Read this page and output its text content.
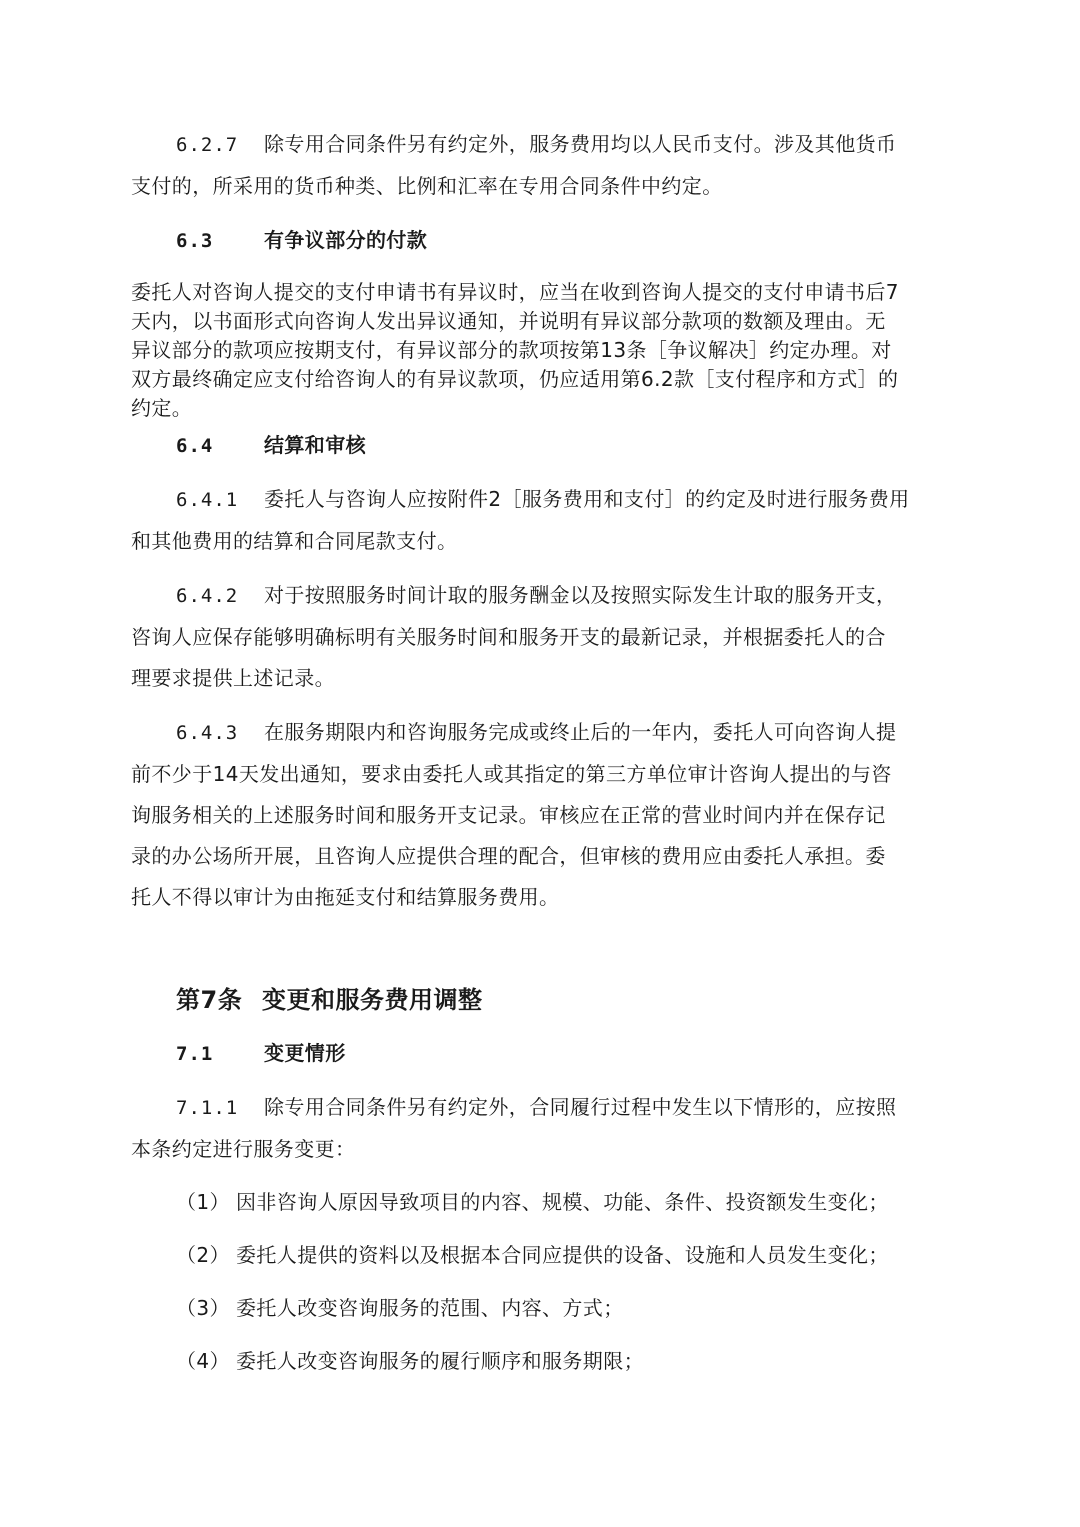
6.2.7 除专用合同条件另有约定外，服务费用均以人民币支付。涉及其他货币
支付的，所采用的货币种类、比例和汇率在专用合同条件中约定。
6.3	有争议部分的付款
委托人对咨询人提交的支付申请书有异议时，应当在收到咨询人提交的支付申请书后7
天内，以书面形式向咨询人发出异议通知，并说明有异议部分款项的数额及理由。无
异议部分的款项应按期支付，有异议部分的款项按第13条［争议解决］约定办理。对
双方最终确定应支付给咨询人的有异议款项，仍应适用第6.2款［支付程序和方式］的
约定。
6.4	结算和审核
6.4.1 委托人与咨询人应按附件2［服务费用和支付］的约定及时进行服务费用
和其他费用的结算和合同尾款支付。
6.4.2 对于按照服务时间计取的服务酬金以及按照实际发生计取的服务开支，
咨询人应保存能够明确标明有关服务时间和服务开支的最新记录，并根据委托人的合
理要求提供上述记录。
6.4.3 在服务期限内和咨询服务完成或终止后的一年内，委托人可向咨询人提
前不少于14天发出通知，要求由委托人或其指定的第三方单位审计咨询人提出的与咨
询服务相关的上述服务时间和服务开支记录。审核应在正常的营业时间内并在保存记
录的办公场所开展，且咨询人应提供合理的配合，但审核的费用应由委托人承担。委
托人不得以审计为由拖延支付和结算服务费用。
第7条 变更和服务费用调整
7.1	变更情形
7.1.1 除专用合同条件另有约定外，合同履行过程中发生以下情形的，应按照
本条约定进行服务变更：
（1） 因非咨询人原因导致项目的内容、规模、功能、条件、投资额发生变化；
（2） 委托人提供的资料以及根据本合同应提供的设备、设施和人员发生变化；
（3） 委托人改变咨询服务的范围、内容、方式；
（4） 委托人改变咨询服务的履行顺序和服务期限；
